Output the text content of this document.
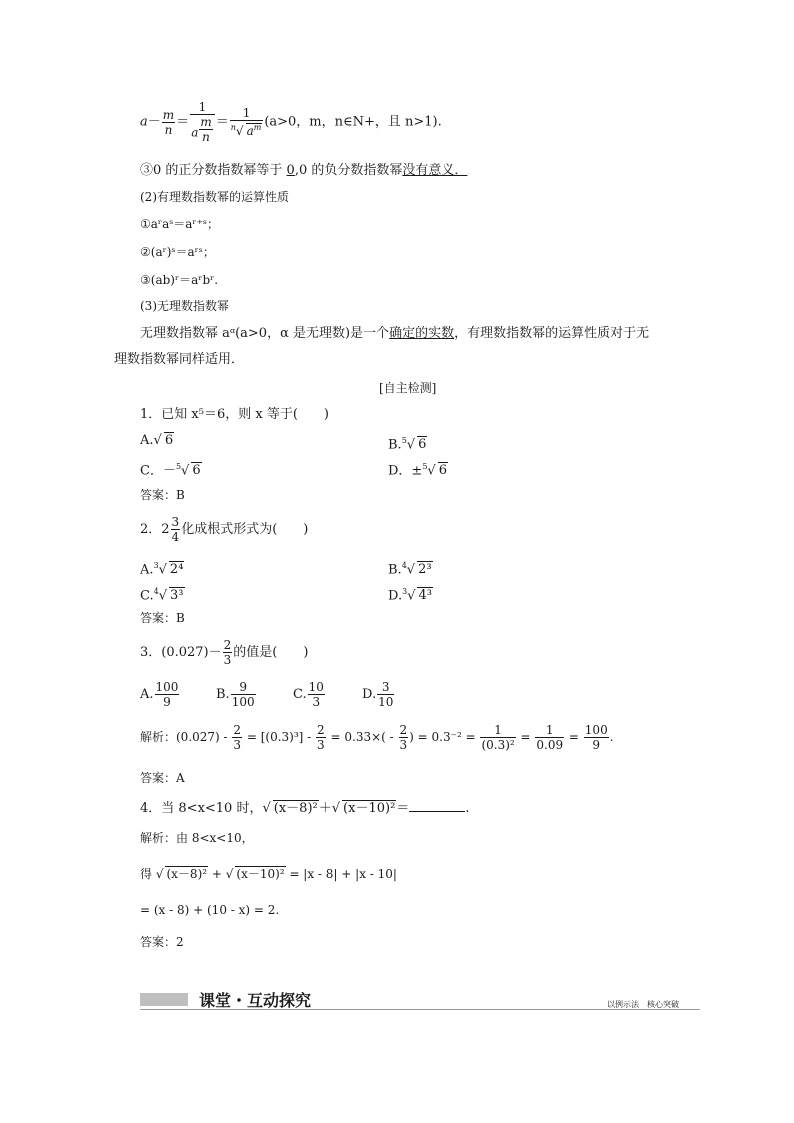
$a- \frac{m}{n} = 1$
a $^{\frac{m}{n}} = \frac{1}{^n√ a^m} (a>0$，m，n∈N+，且 n>1).
③0 的正分数指数幂等于 0,0 的负分数指数幂没有意义．
(2)有理数指数幂的运算性质
①aʳaˢ＝aʳ⁺ˢ；
②(aʳ)ˢ＝aʳˢ；
③(ab)ʳ＝aʳbʳ.
(3)无理数指数幂
无理数指数幂 aᵅ(a>0，α 是无理数)是一个确定的实数，有理数指数幂的运算性质对于无
理数指数幂同样适用．
[自主检测]
1．已知 x⁵＝6，则 x 等于(　　)
A.√ 6	B.$^5$√ 6
C．－$^5$√ 6	D．±$^5$√ 6
答案：B
2．$2 \frac{3}{4}$ 化成根式形式为(　　)
A.$^3$√ 2⁴	B.$^4$√ 2³
C.$^4$√ 3³	D.$^3$√ 4³
答案：B
3．$(0.027)- \frac{2}{3}$ 的值是(　　)
A. $\frac{100}{9}$	B. $\frac{9}{100}$	C. $\frac{10}{3}$	D. $\frac{3}{10}$
解析：$(0.027) - \frac{2}{3} = [(0.3)^3] - \frac{2}{3} = 0.33\times( - \frac{2}{3}$ ) = $0.3^{-2} = \frac{1}{\text{(0.3)²}} = \frac{1}{0.09} = \frac{100}{9}$ .
答案：A
4．当 8<x<10 时，√ (x－8)²＋√ (x－10)²＝	.
解析：由 8<x<10，
得 √ (x－8)² + √ (x－10)² = |x - 8| + |x - 10|
= (x - 8) + (10 - x) = 2.
答案：2
课堂・互动探究	以例示法　核心突破
